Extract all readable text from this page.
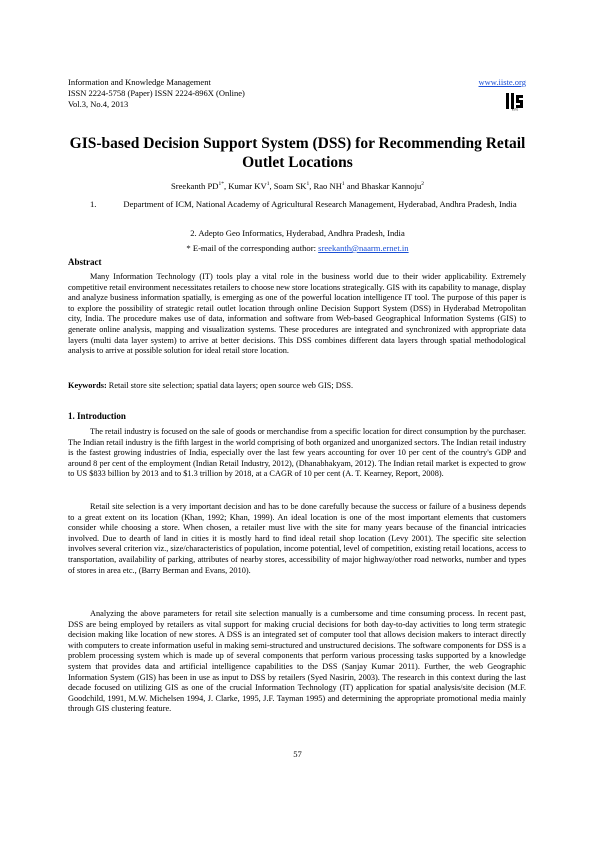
Information and Knowledge Management
ISSN 2224-5758 (Paper) ISSN 2224-896X (Online)
Vol.3, No.4, 2013
www.iiste.org
IISTE
GIS-based Decision Support System (DSS) for Recommending Retail Outlet Locations
Sreekanth $PD^{1*}$, Kumar $KV^1$, Soam $SK^1$, Rao $NH^1$ and Bhaskar Kannoju$^2$
1.	Department of ICM, National Academy of Agricultural Research Management, Hyderabad, Andhra Pradesh, India
2. Adepto Geo Informatics, Hyderabad, Andhra Pradesh, India
* E-mail of the corresponding author: sreekanth@naarm.ernet.in
Abstract

Many Information Technology (IT) tools play a vital role in the business world due to their wider applicability. Extremely competitive retail environment necessitates retailers to choose new store locations strategically. GIS with its capability to manage, display and analyze business information spatially, is emerging as one of the powerful location intelligence IT tool. The purpose of this paper is to explore the possibility of strategic retail outlet location through online Decision Support System (DSS) in Hyderabad Metropolitan city, India. The procedure makes use of data, information and software from Web-based Geographical Information Systems (GIS) to generate online analysis, mapping and visualization systems. These procedures are integrated and synchronized with appropriate data layers (multi data layer system) to arrive at better decisions. This DSS combines different data layers through spatial methodological analysis to arrive at possible solution for ideal retail store location.

Keywords: Retail store site selection; spatial data layers; open source web GIS; DSS.
1. Introduction

The retail industry is focused on the sale of goods or merchandise from a specific location for direct consumption by the purchaser. The Indian retail industry is the fifth largest in the world comprising of both organized and unorganized sectors. The Indian retail industry is the fastest growing industries of India, especially over the last few years accounting for over 10 per cent of the country's GDP and around 8 per cent of the employment (Indian Retail Industry, 2012), (Dhanabhakyam, 2012). The Indian retail market is expected to grow to US $833 billion by 2013 and to $1.3 trillion by 2018, at a CAGR of 10 per cent (A. T. Kearney, Report, 2008).

Retail site selection is a very important decision and has to be done carefully because the success or failure of a business depends to a great extent on its location (Khan, 1992; Khan, 1999). An ideal location is one of the most important elements that customers consider while choosing a store. When chosen, a retailer must live with the site for many years because of the financial intricacies involved. Due to dearth of land in cities it is mostly hard to find ideal retail shop location (Levy 2001). The specific site selection involves several criterion viz., size/characteristics of population, income potential, level of competition, existing retail locations, access to transportation, availability of parking, attributes of nearby stores, accessibility of major highway/other road networks, number and types of stores in area etc., (Barry Berman and Evans, 2010).

Analyzing the above parameters for retail site selection manually is a cumbersome and time consuming process. In recent past, DSS are being employed by retailers as vital support for making crucial decisions for both day-to-day activities to long term strategic decision making like location of new stores. A DSS is an integrated set of computer tool that allows decision makers to interact directly with computers to create information useful in making semi-structured and unstructured decisions. The software components for DSS is a problem processing system which is made up of several components that perform various processing tasks supported by a knowledge system that provides data and artificial intelligence capabilities to the DSS (Sanjay Kumar 2011). Further, the web Geographic Information System (GIS) has been in use as input to DSS by retailers (Syed Nasirin, 2003). The research in this context during the last decade focused on utilizing GIS as one of the crucial Information Technology (IT) application for spatial analysis/site decision (M.F. Goodchild, 1991, M.W. Michelsen 1994, J. Clarke, 1995, J.F. Tayman 1995) and determining the appropriate promotional media mainly through GIS clustering feature.

57
